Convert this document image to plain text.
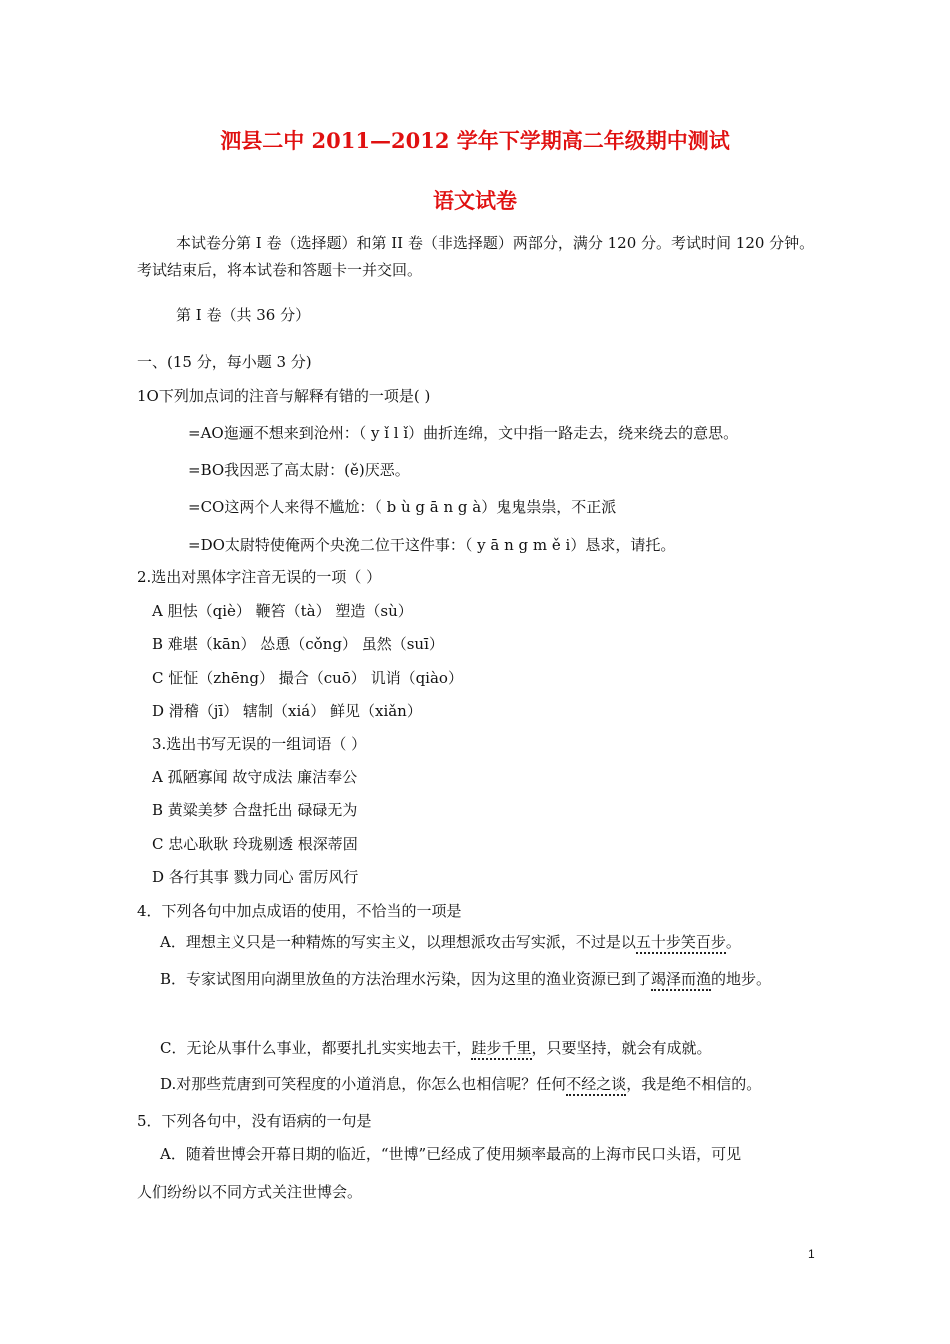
泗县二中 2011—2012 学年下学期高二年级期中测试
语文试卷
本试卷分第 I 卷（选择题）和第 II 卷（非选择题）两部分，满分 120 分。考试时间 120 分钟。
考试结束后，将本试卷和答题卡一并交回。
第 I 卷（共 36 分）
一、(15 分，每小题 3 分)
1O下列加点词的注音与解释有错的一项是( )
=AO迤逦不想来到沧州：（ y ǐ l ǐ）曲折连绵，文中指一路走去，绕来绕去的意思。
=BO我因恶了高太尉：(ě)厌恶。
=CO这两个人来得不尴尬：（ b ù g ā n g à）鬼鬼祟祟，不正派
=DO太尉特使俺两个央浼二位干这件事：（ y ā n g m ě i）恳求，请托。
2.选出对黑体字注音无误的一项（ ）
A 胆怯（qiè） 鞭笞（tà） 塑造（sù）
B 难堪（kān） 怂恿（cǒng） 虽然（suī）
C 怔怔（zhēng） 撮合（cuō） 讥诮（qiào）
D 滑稽（jī） 辖制（xiá） 鲜见（xiǎn）
3.选出书写无误的一组词语（ ）
A 孤陋寡闻 故守成法 廉洁奉公
B 黄粱美梦 合盘托出 碌碌无为
C 忠心耿耿 玲珑剔透 根深蒂固
D 各行其事 戮力同心 雷厉风行
4．下列各句中加点成语的使用，不恰当的一项是
A．理想主义只是一种精炼的写实主义，以理想派攻击写实派，不过是以五十步笑百步。
B．专家试图用向湖里放鱼的方法治理水污染，因为这里的渔业资源已到了竭泽而渔的地步。
C．无论从事什么事业，都要扎扎实实地去干，跬步千里，只要坚持，就会有成就。
D.对那些荒唐到可笑程度的小道消息，你怎么也相信呢？任何不经之谈，我是绝不相信的。
5．下列各句中，没有语病的一句是
A．随着世博会开幕日期的临近，“世博”已经成了使用频率最高的上海市民口头语，可见
人们纷纷以不同方式关注世博会。
1
